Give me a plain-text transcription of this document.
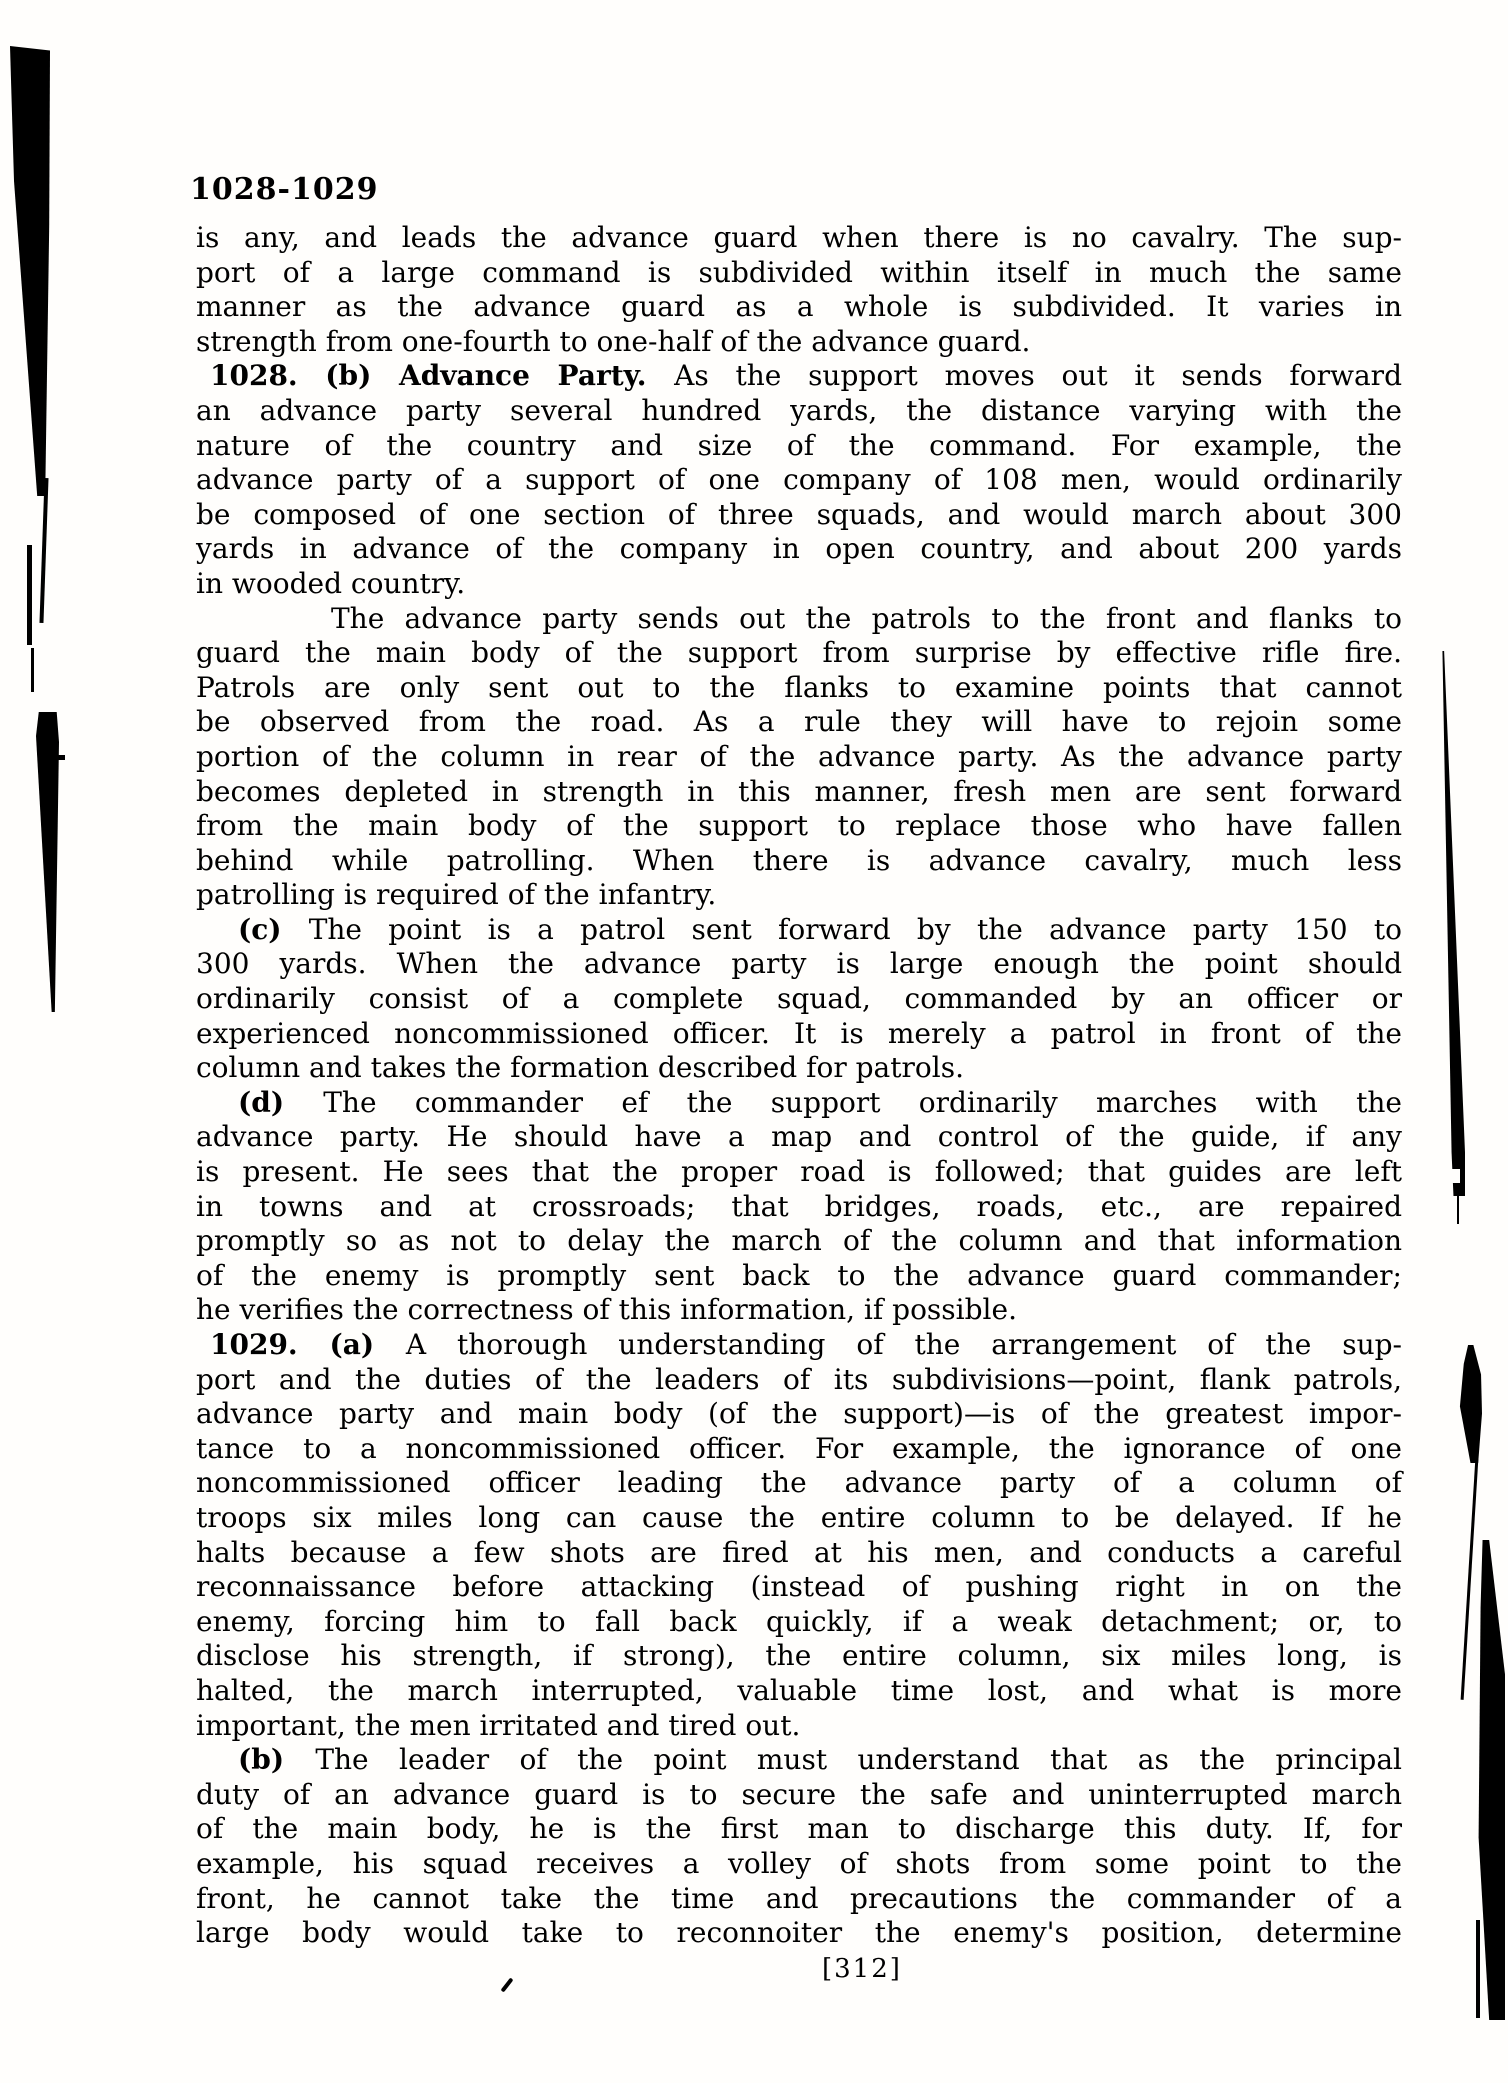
1028-1029
is any, and leads the advance guard when there is no cavalry. The sup-
port of a large command is subdivided within itself in much the same
manner as the advance guard as a whole is subdivided. It varies in
strength from one-fourth to one-half of the advance guard.
1028. (b) Advance Party. As the support moves out it sends forward
an advance party several hundred yards, the distance varying with the
nature of the country and size of the command. For example, the
advance party of a support of one company of 108 men, would ordinarily
be composed of one section of three squads, and would march about 300
yards in advance of the company in open country, and about 200 yards
in wooded country.
The advance party sends out the patrols to the front and flanks to
guard the main body of the support from surprise by effective rifle fire.
Patrols are only sent out to the flanks to examine points that cannot
be observed from the road. As a rule they will have to rejoin some
portion of the column in rear of the advance party. As the advance party
becomes depleted in strength in this manner, fresh men are sent forward
from the main body of the support to replace those who have fallen
behind while patrolling. When there is advance cavalry, much less
patrolling is required of the infantry.
(c) The point is a patrol sent forward by the advance party 150 to
300 yards. When the advance party is large enough the point should
ordinarily consist of a complete squad, commanded by an officer or
experienced noncommissioned officer. It is merely a patrol in front of the
column and takes the formation described for patrols.
(d) The commander ef the support ordinarily marches with the
advance party. He should have a map and control of the guide, if any
is present. He sees that the proper road is followed; that guides are left
in towns and at crossroads; that bridges, roads, etc., are repaired
promptly so as not to delay the march of the column and that information
of the enemy is promptly sent back to the advance guard commander;
he verifies the correctness of this information, if possible.
1029. (a) A thorough understanding of the arrangement of the sup-
port and the duties of the leaders of its subdivisions—point, flank patrols,
advance party and main body (of the support)—is of the greatest impor-
tance to a noncommissioned officer. For example, the ignorance of one
noncommissioned officer leading the advance party of a column of
troops six miles long can cause the entire column to be delayed. If he
halts because a few shots are fired at his men, and conducts a careful
reconnaissance before attacking (instead of pushing right in on the
enemy, forcing him to fall back quickly, if a weak detachment; or, to
disclose his strength, if strong), the entire column, six miles long, is
halted, the march interrupted, valuable time lost, and what is more
important, the men irritated and tired out.
(b) The leader of the point must understand that as the principal
duty of an advance guard is to secure the safe and uninterrupted march
of the main body, he is the first man to discharge this duty. If, for
example, his squad receives a volley of shots from some point to the
front, he cannot take the time and precautions the commander of a
large body would take to reconnoiter the enemy's position, determine
[312]
